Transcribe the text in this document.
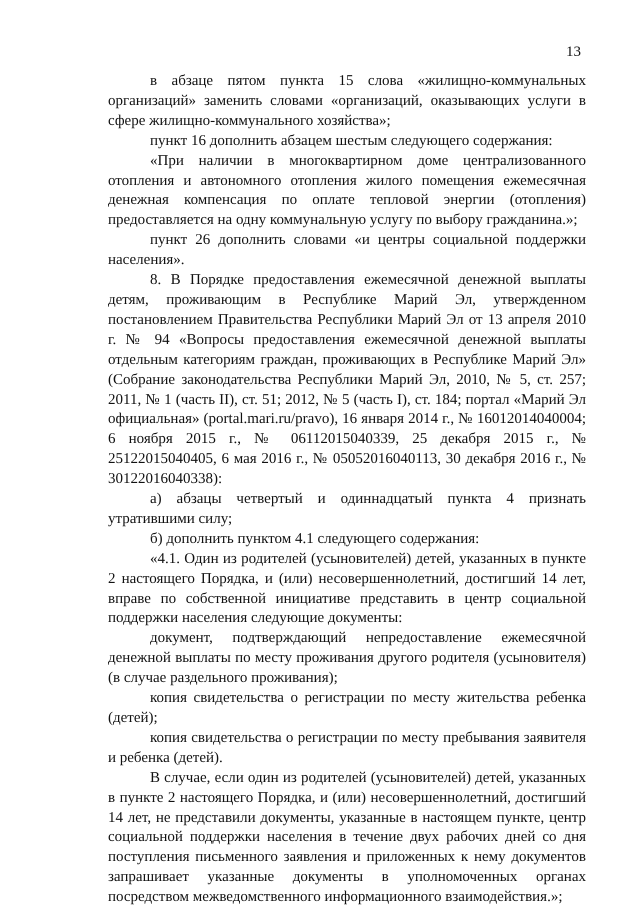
13

в абзаце пятом пункта 15 слова «жилищно-коммунальных организаций» заменить словами «организаций, оказывающих услуги в сфере жилищно-коммунального хозяйства»;

пункт 16 дополнить абзацем шестым следующего содержания:

«При наличии в многоквартирном доме централизованного отопления и автономного отопления жилого помещения ежемесячная денежная компенсация по оплате тепловой энергии (отопления) предоставляется на одну коммунальную услугу по выбору гражданина.»;

пункт 26 дополнить словами «и центры социальной поддержки населения».

8. В Порядке предоставления ежемесячной денежной выплаты детям, проживающим в Республике Марий Эл, утвержденном постановлением Правительства Республики Марий Эл от 13 апреля 2010 г. № 94 «Вопросы предоставления ежемесячной денежной выплаты отдельным категориям граждан, проживающих в Республике Марий Эл» (Собрание законодательства Республики Марий Эл, 2010, № 5, ст. 257; 2011, № 1 (часть II), ст. 51; 2012, № 5 (часть I), ст. 184; портал «Марий Эл официальная» (portal.mari.ru/pravo), 16 января 2014 г., № 16012014040004; 6 ноября 2015 г., № 06112015040339, 25 декабря 2015 г., № 25122015040405, 6 мая 2016 г., № 05052016040113, 30 декабря 2016 г., № 30122016040338):

а) абзацы четвертый и одиннадцатый пункта 4 признать утратившими силу;

б) дополнить пунктом 4.1 следующего содержания:

«4.1. Один из родителей (усыновителей) детей, указанных в пункте 2 настоящего Порядка, и (или) несовершеннолетний, достигший 14 лет, вправе по собственной инициативе представить в центр социальной поддержки населения следующие документы:

документ, подтверждающий непредоставление ежемесячной денежной выплаты по месту проживания другого родителя (усыновителя) (в случае раздельного проживания);

копия свидетельства о регистрации по месту жительства ребенка (детей);

копия свидетельства о регистрации по месту пребывания заявителя и ребенка (детей).

В случае, если один из родителей (усыновителей) детей, указанных в пункте 2 настоящего Порядка, и (или) несовершеннолетний, достигший 14 лет, не представили документы, указанные в настоящем пункте, центр социальной поддержки населения в течение двух рабочих дней со дня поступления письменного заявления и приложенных к нему документов запрашивает указанные документы в уполномоченных органах посредством межведомственного информационного взаимодействия.»;
